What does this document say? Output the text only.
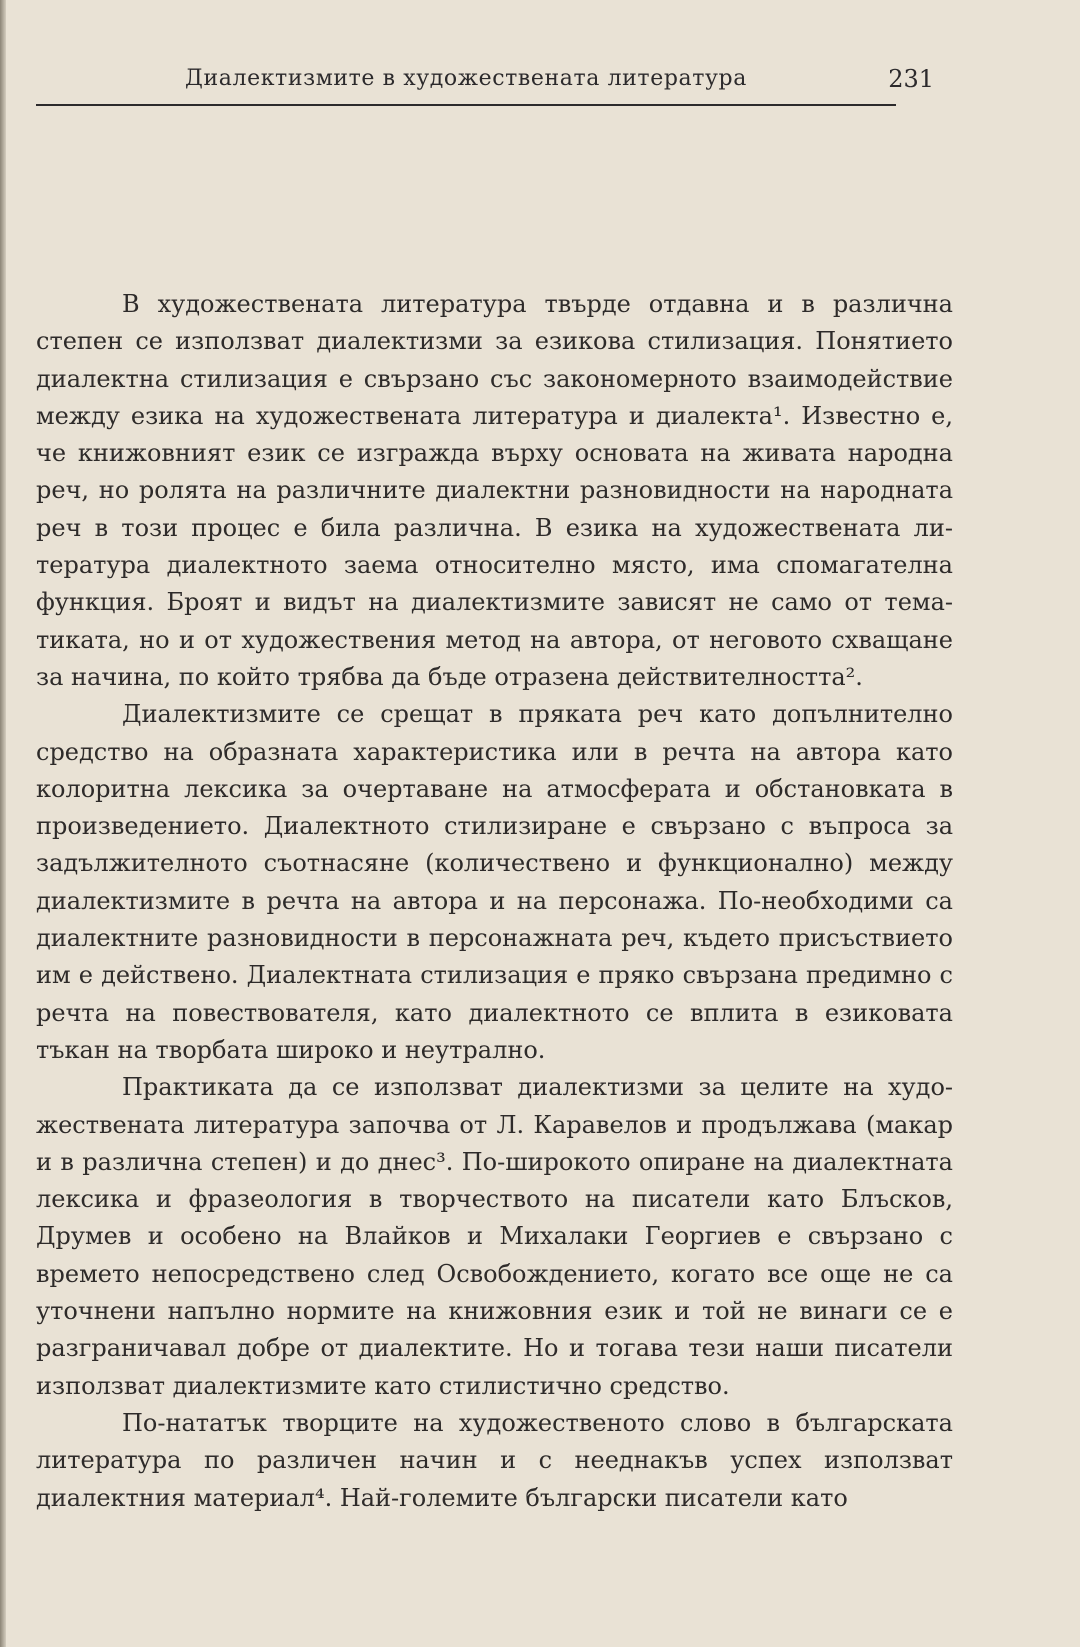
Диалектизмите в художествената литература	231

В художествената литература твърде отдавна и в различна степен се използват диалектизми за езикова стилизация. Понятието диалектна стилизация е свързано със закономерното взаимодействие между езика на художествената литература и диалекта¹. Известно е, че книжовният език се изгражда върху основата на живата народна реч, но ролята на различните диалектни разновидности на народната реч в този процес е била различна. В езика на художествената литература диалектното заема относително място, има спомагателна функция. Броят и видът на диалектизмите зависят не само от тематиката, но и от художествения метод на автора, от неговото схващане за начина, по който трябва да бъде отразена действителността².

Диалектизмите се срещат в пряката реч като допълнително средство на образната характеристика или в речта на автора като колоритна лексика за очертаване на атмосферата и обстановката в произведението. Диалектното стилизиране е свързано с въпроса за задължителното съотнасяне (количествено и функционално) между диалектизмите в речта на автора и на персонажа. По-необходими са диалектните разновидности в персонажната реч, където присъствието им е действено. Диалектната стилизация е пряко свързана предимно с речта на повествователя, като диалектното се вплита в езиковата тъкан на творбата широко и неутрално.

Практиката да се използват диалектизми за целите на художествената литература започва от Л. Каравелов и продължава (макар и в различна степен) и до днес³. По-широкото опиране на диалектната лексика и фразеология в творчеството на писатели като Блъсков, Друмев и особено на Влайков и Михалаки Георгиев е свързано с времето непосредствено след Освобождението, когато все още не са уточнени напълно нормите на книжовния език и той не винаги се е разграничавал добре от диалектите. Но и тогава тези наши писатели използват диалектизмите като стилистично средство.

По-нататък творците на художественото слово в българската литература по различен начин и с нееднакъв успех използват диалектния материал⁴. Най-големите български писатели като
